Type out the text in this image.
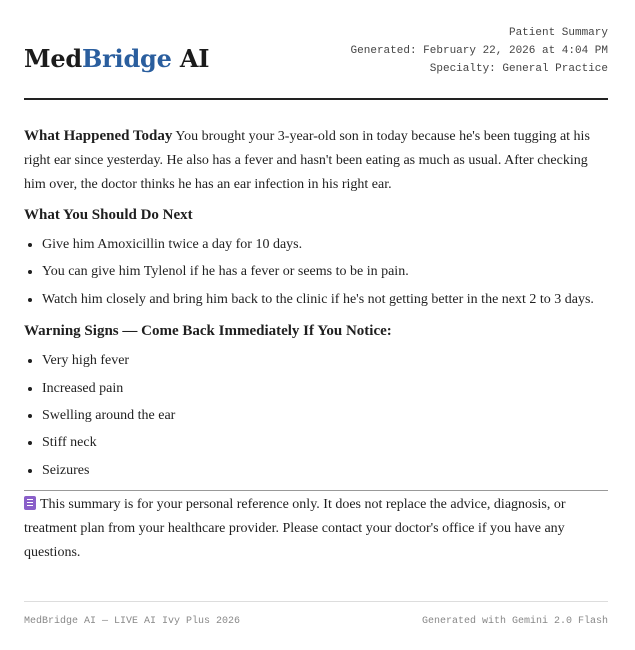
MedBridge AI
Patient Summary
Generated: February 22, 2026 at 4:04 PM
Specialty: General Practice

What Happened Today You brought your 3-year-old son in today because he's been tugging at his right ear since yesterday. He also has a fever and hasn't been eating as much as usual. After checking him over, the doctor thinks he has an ear infection in his right ear.

What You Should Do Next
• Give him Amoxicillin twice a day for 10 days.
• You can give him Tylenol if he has a fever or seems to be in pain.
• Watch him closely and bring him back to the clinic if he's not getting better in the next 2 to 3 days.
Warning Signs — Come Back Immediately If You Notice:
• Very high fever
• Increased pain
• Swelling around the ear
• Stiff neck
• Seizures
This summary is for your personal reference only. It does not replace the advice, diagnosis, or treatment plan from your healthcare provider. Please contact your doctor's office if you have any questions.
MedBridge AI — LIVE AI Ivy Plus 2026	Generated with Gemini 2.0 Flash
